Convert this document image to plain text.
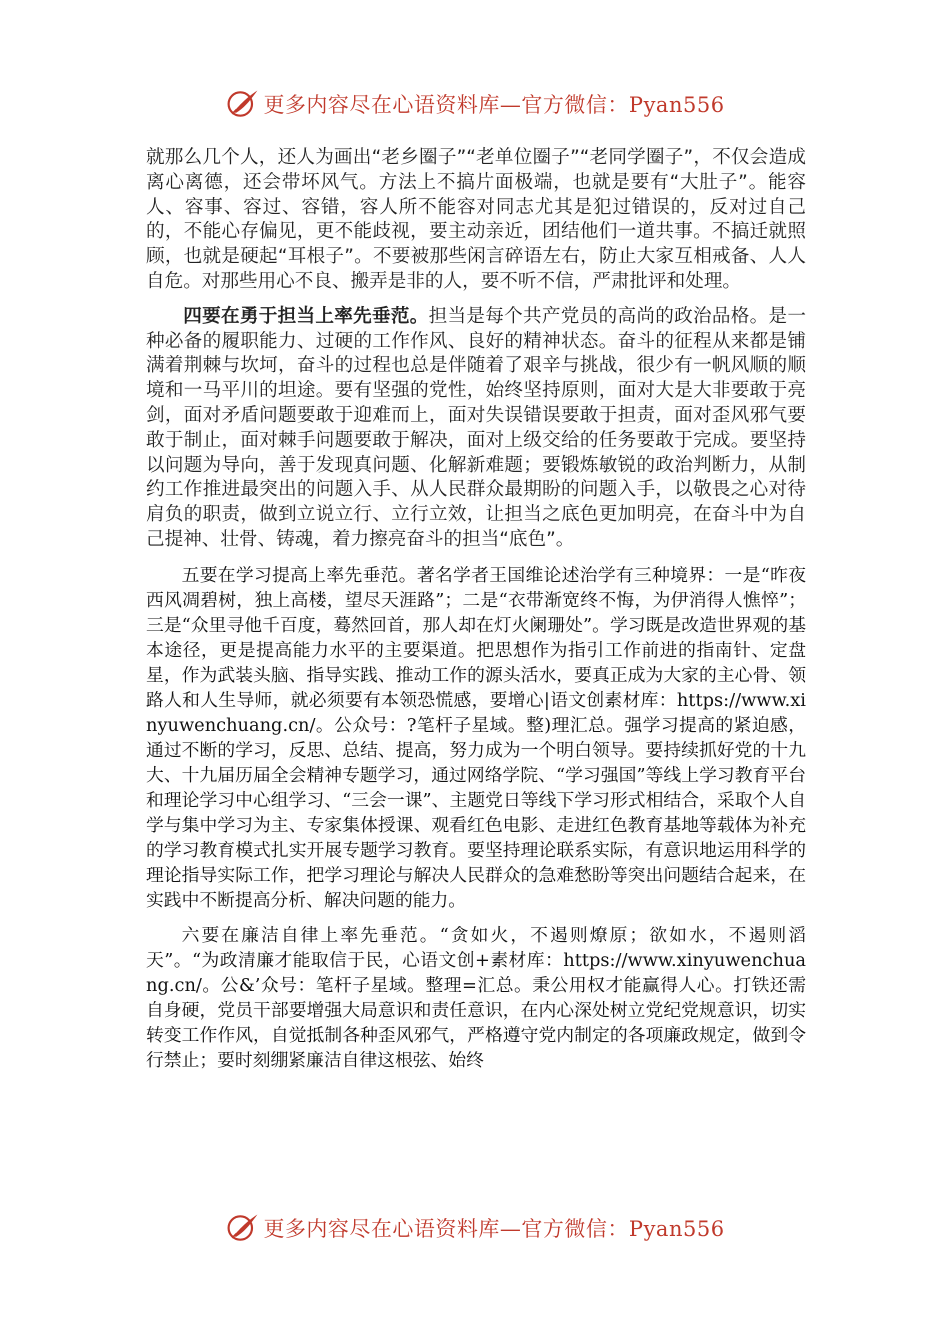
更多内容尽在心语资料库—官方微信：Pyan556

就那么几个人，还人为画出“老乡圈子”“老单位圈子”“老同学圈子”，不仅会造成离心离德，还会带坏风气。方法上不搞片面极端，也就是要有“大肚子”。能容人、容事、容过、容错，容人所不能容对同志尤其是犯过错误的，反对过自己的，不能心存偏见，更不能歧视，要主动亲近，团结他们一道共事。不搞迁就照顾，也就是硬起“耳根子”。不要被那些闲言碎语左右，防止大家互相戒备、人人自危。对那些用心不良、搬弄是非的人，要不听不信，严肃批评和处理。

四要在勇于担当上率先垂范。担当是每个共产党员的高尚的政治品格。是一种必备的履职能力、过硬的工作作风、良好的精神状态。奋斗的征程从来都是铺满着荆棘与坎坷，奋斗的过程也总是伴随着了艰辛与挑战，很少有一帆风顺的顺境和一马平川的坦途。要有坚强的党性，始终坚持原则，面对大是大非要敢于亮剑，面对矛盾问题要敢于迎难而上，面对失误错误要敢于担责，面对歪风邪气要敢于制止，面对棘手问题要敢于解决，面对上级交给的任务要敢于完成。要坚持以问题为导向，善于发现真问题、化解新难题；要锻炼敏锐的政治判断力，从制约工作推进最突出的问题入手、从人民群众最期盼的问题入手，以敬畏之心对待肩负的职责，做到立说立行、立行立效，让担当之底色更加明亮，在奋斗中为自己提神、壮骨、铸魂，着力擦亮奋斗的担当“底色”。

五要在学习提高上率先垂范。著名学者王国维论述治学有三种境界：一是“昨夜西风凋碧树，独上高楼，望尽天涯路”；二是“衣带渐宽终不悔，为伊消得人憔悴”；三是“众里寻他千百度，蓦然回首，那人却在灯火阑珊处”。学习既是改造世界观的基本途径，更是提高能力水平的主要渠道。把思想作为指引工作前进的指南针、定盘星，作为武装头脑、指导实践、推动工作的源头活水，要真正成为大家的主心骨、领路人和人生导师，就必须要有本领恐慌感，要增心|语文创素材库：https://www.xinyuwenchuang.cn/。公众号：?笔杆子星域。整)理汇总。强学习提高的紧迫感，通过不断的学习，反思、总结、提高，努力成为一个明白领导。要持续抓好党的十九大、十九届历届全会精神专题学习，通过网络学院、“学习强国”等线上学习教育平台和理论学习中心组学习、“三会一课”、主题党日等线下学习形式相结合，采取个人自学与集中学习为主、专家集体授课、观看红色电影、走进红色教育基地等载体为补充的学习教育模式扎实开展专题学习教育。要坚持理论联系实际，有意识地运用科学的理论指导实际工作，把学习理论与解决人民群众的急难愁盼等突出问题结合起来，在实践中不断提高分析、解决问题的能力。

六要在廉洁自律上率先垂范。“贪如火，不遏则燎原；欲如水，不遏则滔天”。“为政清廉才能取信于民，心语文创+素材库：https://www.xinyuwenchuang.cn/。公&’众号：笔杆子星域。整理=汇总。秉公用权才能赢得人心。打铁还需自身硬，党员干部要增强大局意识和责任意识，在内心深处树立党纪党规意识，切实转变工作作风，自觉抵制各种歪风邪气，严格遵守党内制定的各项廉政规定，做到令行禁止；要时刻绷紧廉洁自律这根弦、始终

更多内容尽在心语资料库—官方微信：Pyan556
